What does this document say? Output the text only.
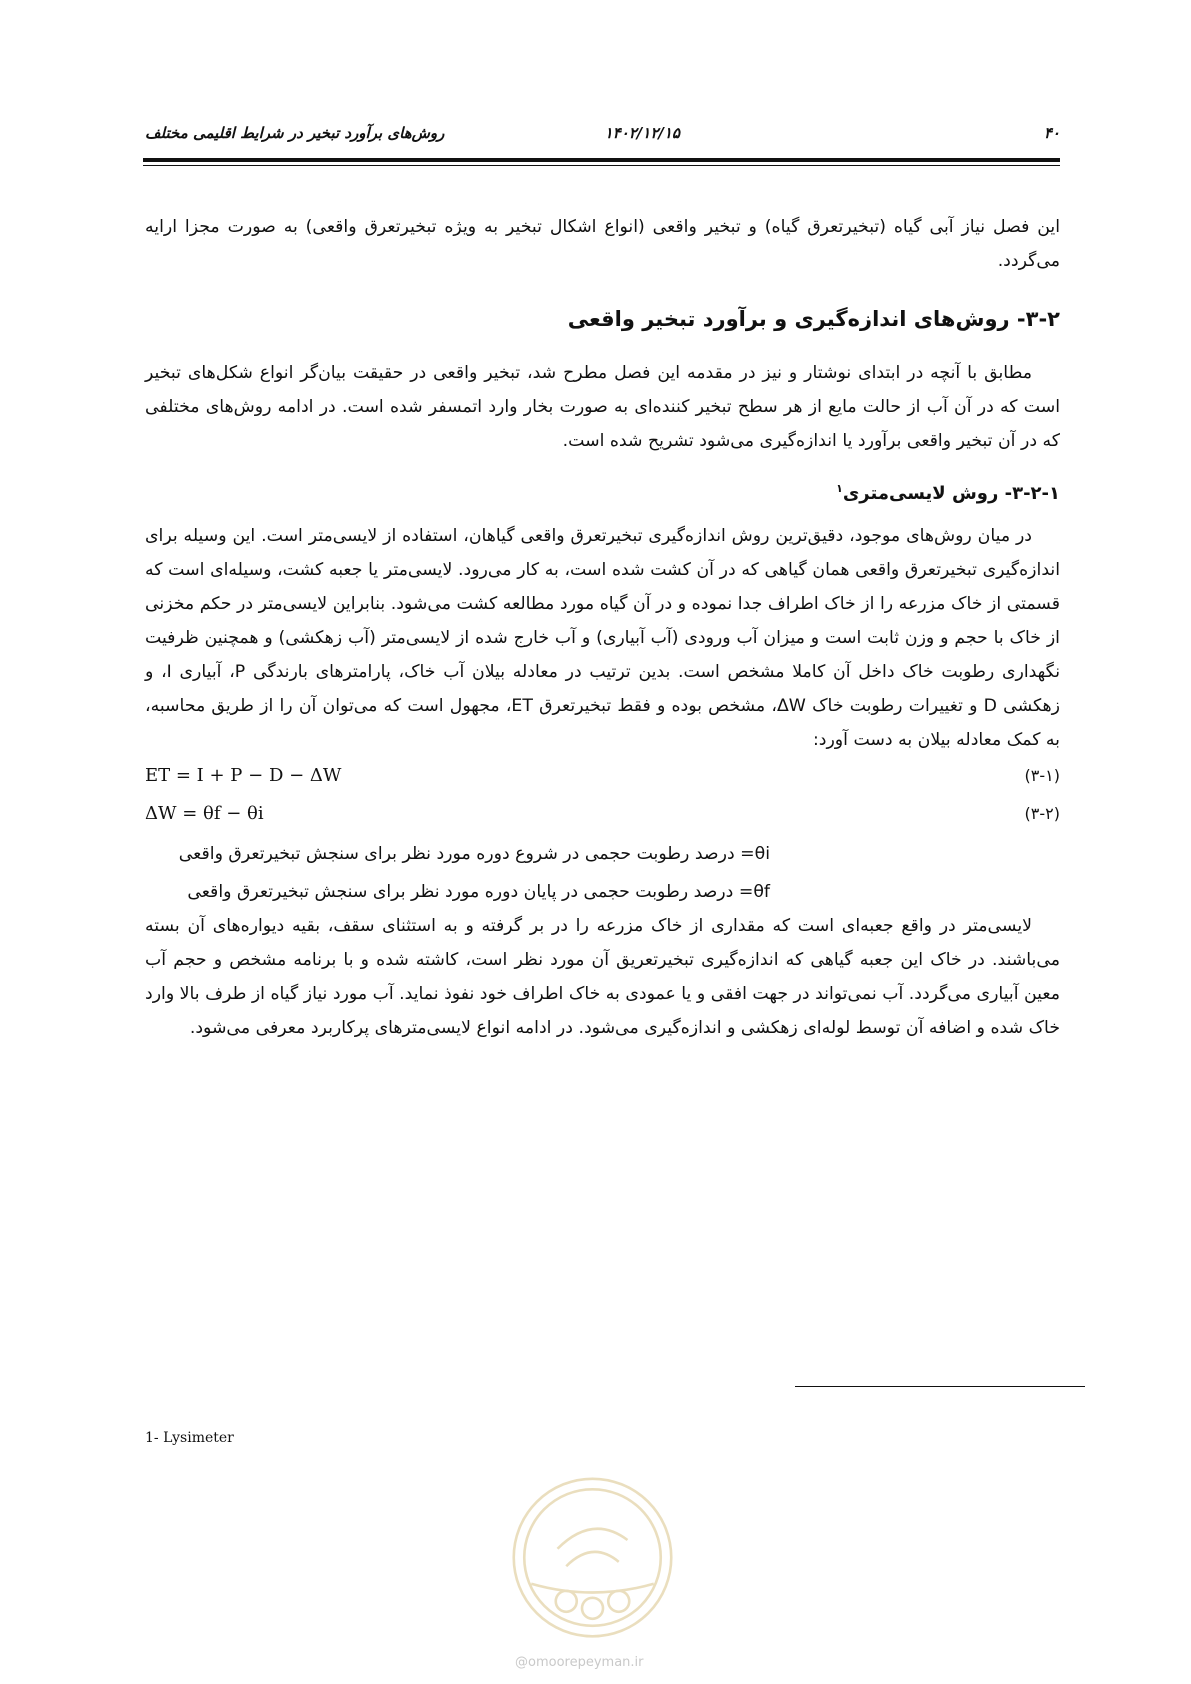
۴۰
۱۴۰۲/۱۲/۱۵
روش‌های برآورد تبخیر در شرایط اقلیمی مختلف

این فصل نیاز آبی گیاه (تبخیرتعرق گیاه) و تبخیر واقعی (انواع اشکال تبخیر به ویژه تبخیرتعرق واقعی) به صورت مجزا ارایه می‌گردد.

۳-۲- روش‌های اندازه‌گیری و برآورد تبخیر واقعی

مطابق با آنچه در ابتدای نوشتار و نیز در مقدمه این فصل مطرح شد، تبخیر واقعی در حقیقت بیان‌گر انواع شکل‌های تبخیر است که در آن آب از حالت مایع از هر سطح تبخیر کننده‌ای به صورت بخار وارد اتمسفر شده است. در ادامه روش‌های مختلفی که در آن تبخیر واقعی برآورد یا اندازه‌گیری می‌شود تشریح شده است.

۳-۲-۱- روش لایسی‌متری$^۱$

در میان روش‌های موجود، دقیق‌ترین روش اندازه‌گیری تبخیرتعرق واقعی گیاهان، استفاده از لایسی‌متر است. این وسیله برای اندازه‌گیری تبخیرتعرق واقعی همان گیاهی که در آن کشت شده است، به کار می‌رود. لایسی‌متر یا جعبه کشت، وسیله‌ای است که قسمتی از خاک مزرعه را از خاک اطراف جدا نموده و در آن گیاه مورد مطالعه کشت می‌شود. بنابراین لایسی‌متر در حکم مخزنی از خاک با حجم و وزن ثابت است و میزان آب ورودی (آب آبیاری) و آب خارج شده از لایسی‌متر (آب زهکشی) و همچنین ظرفیت نگهداری رطوبت خاک داخل آن کاملا مشخص است. بدین ترتیب در معادله بیلان آب خاک، پارامترهای بارندگی P، آبیاری I، و زهکشی D و تغییرات رطوبت خاک ΔW، مشخص بوده و فقط تبخیرتعرق ET، مجهول است که می‌توان آن را از طریق محاسبه، به کمک معادله بیلان به دست آورد:

ET = I + P − D − ΔW	(۳-۱)
ΔW = θf − θi	(۳-۲)

θi= درصد رطوبت حجمی در شروع دوره مورد نظر برای سنجش تبخیرتعرق واقعی

θf= درصد رطوبت حجمی در پایان دوره مورد نظر برای سنجش تبخیرتعرق واقعی

لایسی‌متر در واقع جعبه‌ای است که مقداری از خاک مزرعه را در بر گرفته و به استثنای سقف، بقیه دیواره‌های آن بسته می‌باشند. در خاک این جعبه گیاهی که اندازه‌گیری تبخیرتعریق آن مورد نظر است، کاشته شده و با برنامه مشخص و حجم آب معین آبیاری می‌گردد. آب نمی‌تواند در جهت افقی و یا عمودی به خاک اطراف خود نفوذ نماید. آب مورد نیاز گیاه از طرف بالا وارد خاک شده و اضافه آن توسط لوله‌ای زهکشی و اندازه‌گیری می‌شود. در ادامه انواع لایسی‌مترهای پرکاربرد معرفی می‌شود.

1- Lysimeter
@omoorepeyman.ir
